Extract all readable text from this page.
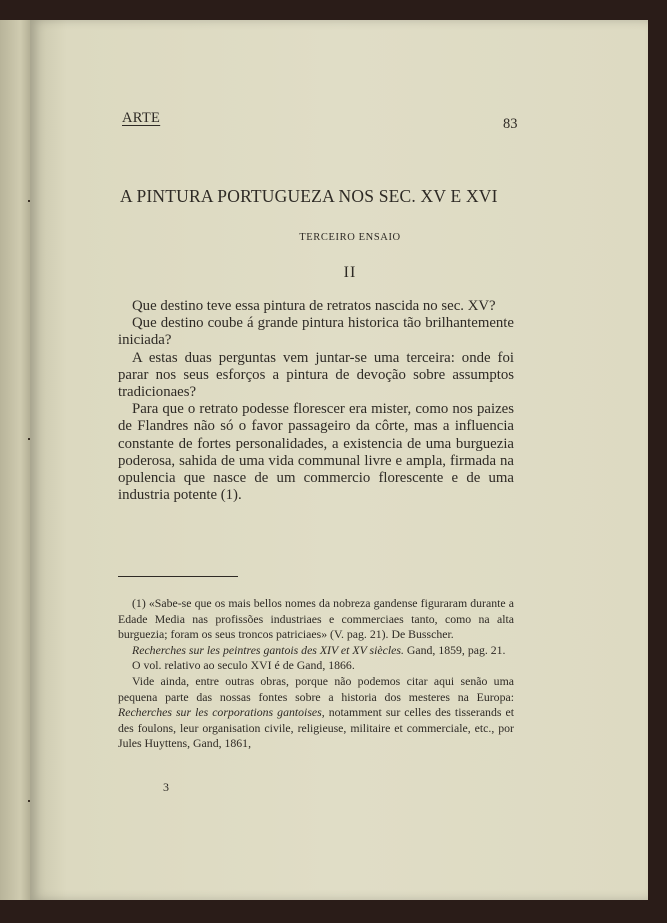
ARTE	83
A PINTURA PORTUGUEZA NOS SEC. XV E XVI
TERCEIRO ENSAIO
II

Que destino teve essa pintura de retratos nascida no sec. XV?

Que destino coube á grande pintura historica tão brilhantemente iniciada?

A estas duas perguntas vem juntar-se uma terceira: onde foi parar nos seus esforços a pintura de devoção sobre assumptos tradicionaes?

Para que o retrato podesse florescer era mister, como nos paizes de Flandres não só o favor passageiro da côrte, mas a influencia constante de fortes personalidades, a existencia de uma burguezia poderosa, sahida de uma vida communal livre e ampla, firmada na opulencia que nasce de um commercio florescente e de uma industria potente (1).

(1) «Sabe-se que os mais bellos nomes da nobreza gandense figuraram durante a Edade Media nas profissões industriaes e commerciaes tanto, como na alta burguezia; foram os seus troncos patriciaes» (V. pag. 21). De Busscher.

Recherches sur les peintres gantois des XIV et XV siècles. Gand, 1859, pag. 21.

O vol. relativo ao seculo XVI é de Gand, 1866.

Vide ainda, entre outras obras, porque não podemos citar aqui senão uma pequena parte das nossas fontes sobre a historia dos mesteres na Europa: Recherches sur les corporations gantoises, notamment sur celles des tisserands et des foulons, leur organisation civile, religieuse, militaire et commerciale, etc., por Jules Huyttens, Gand, 1861,

3
